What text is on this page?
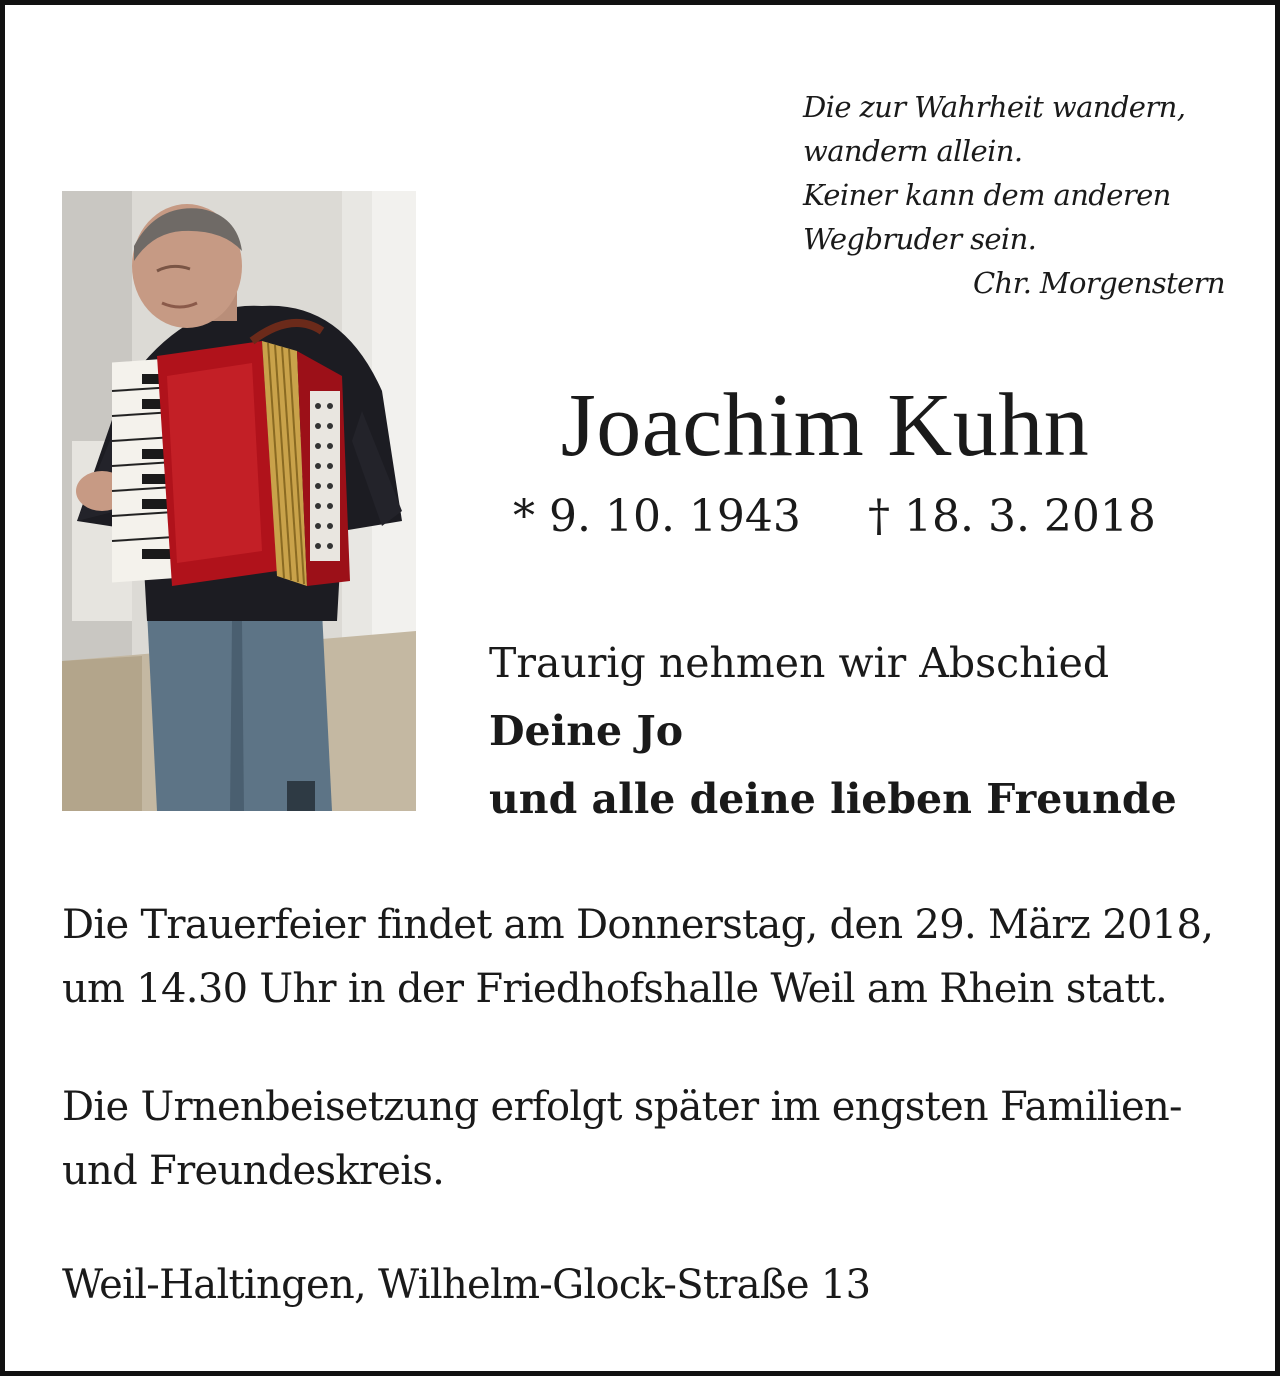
Die zur Wahrheit wandern,
wandern allein.
Keiner kann dem anderen
Wegbruder sein.
Chr. Morgenstern
Joachim Kuhn
* 9. 10. 1943 † 18. 3. 2018
Traurig nehmen wir Abschied
Deine Jo
und alle deine lieben Freunde
Die Trauerfeier findet am Donnerstag, den 29. März 2018,
um 14.30 Uhr in der Friedhofshalle Weil am Rhein statt.
Die Urnenbeisetzung erfolgt später im engsten Familien-
und Freundeskreis.
Weil-Haltingen, Wilhelm-Glock-Straße 13
